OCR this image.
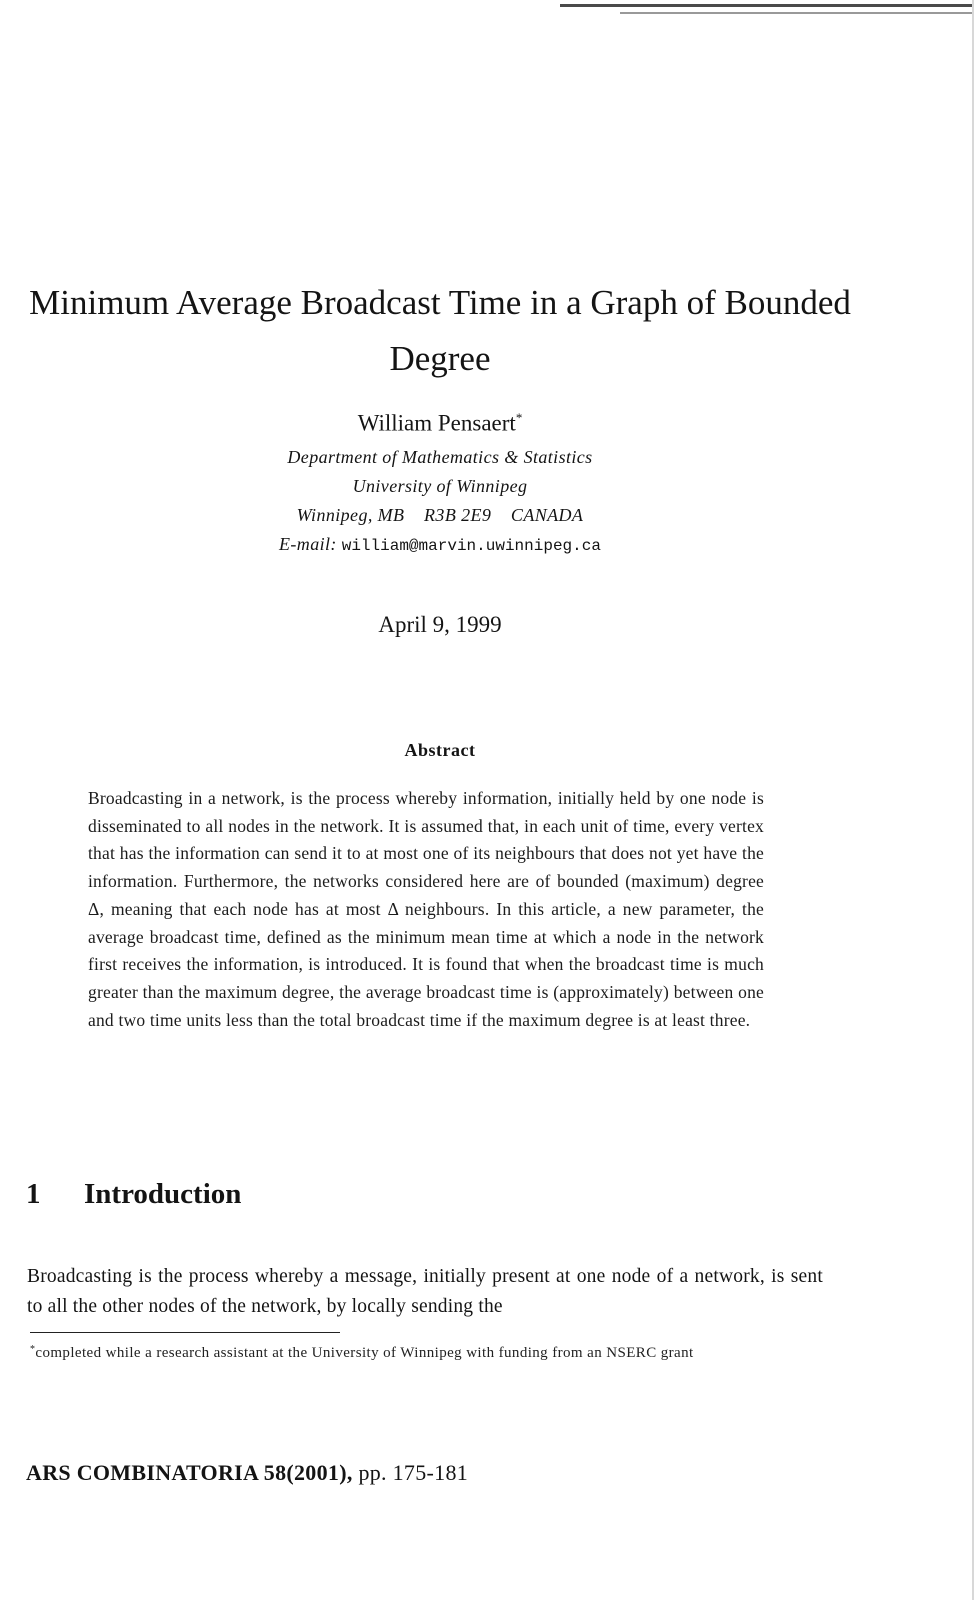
Minimum Average Broadcast Time in a Graph of Bounded Degree
William Pensaert*
Department of Mathematics & Statistics
University of Winnipeg
Winnipeg, MB    R3B 2E9    CANADA
E-mail: william@marvin.uwinnipeg.ca
April 9, 1999
Abstract

Broadcasting in a network, is the process whereby information, initially held by one node is disseminated to all nodes in the network. It is assumed that, in each unit of time, every vertex that has the information can send it to at most one of its neighbours that does not yet have the information. Furthermore, the networks considered here are of bounded (maximum) degree Δ, meaning that each node has at most Δ neighbours. In this article, a new parameter, the average broadcast time, defined as the minimum mean time at which a node in the network first receives the information, is introduced. It is found that when the broadcast time is much greater than the maximum degree, the average broadcast time is (approximately) between one and two time units less than the total broadcast time if the maximum degree is at least three.

1 Introduction

Broadcasting is the process whereby a message, initially present at one node of a network, is sent to all the other nodes of the network, by locally sending the

*completed while a research assistant at the University of Winnipeg with funding from an NSERC grant
ARS COMBINATORIA 58(2001), pp. 175-181
